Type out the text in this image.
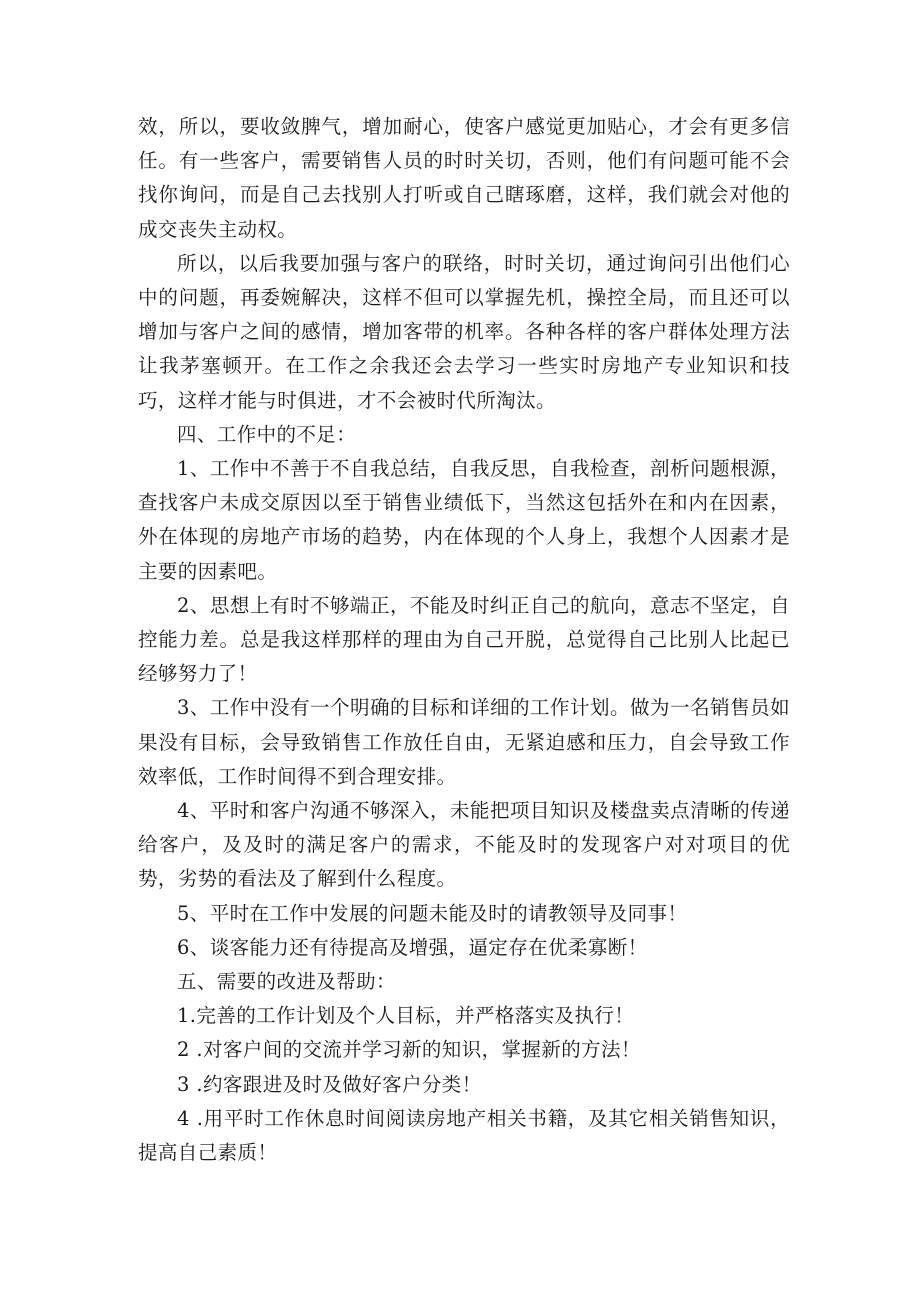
效，所以，要收敛脾气，增加耐心，使客户感觉更加贴心，才会有更多信任。有一些客户，需要销售人员的时时关切，否则，他们有问题可能不会找你询问，而是自己去找别人打听或自己瞎琢磨，这样，我们就会对他的成交丧失主动权。

所以，以后我要加强与客户的联络，时时关切，通过询问引出他们心中的问题，再委婉解决，这样不但可以掌握先机，操控全局，而且还可以增加与客户之间的感情，增加客带的机率。各种各样的客户群体处理方法让我茅塞顿开。在工作之余我还会去学习一些实时房地产专业知识和技巧，这样才能与时俱进，才不会被时代所淘汰。

四、工作中的不足：

1、工作中不善于不自我总结，自我反思，自我检查，剖析问题根源，查找客户未成交原因以至于销售业绩低下，当然这包括外在和内在因素，外在体现的房地产市场的趋势，内在体现的个人身上，我想个人因素才是主要的因素吧。

2、思想上有时不够端正，不能及时纠正自己的航向，意志不坚定，自控能力差。总是我这样那样的理由为自己开脱，总觉得自己比别人比起已经够努力了！

3、工作中没有一个明确的目标和详细的工作计划。做为一名销售员如果没有目标，会导致销售工作放任自由，无紧迫感和压力，自会导致工作效率低，工作时间得不到合理安排。

4、平时和客户沟通不够深入，未能把项目知识及楼盘卖点清晰的传递给客户，及及时的满足客户的需求，不能及时的发现客户对对项目的优势，劣势的看法及了解到什么程度。

5、平时在工作中发展的问题未能及时的请教领导及同事！

6、谈客能力还有待提高及增强，逼定存在优柔寡断！

五、需要的改进及帮助：

1.完善的工作计划及个人目标，并严格落实及执行！

2 .对客户间的交流并学习新的知识，掌握新的方法！

3 .约客跟进及时及做好客户分类！

4 .用平时工作休息时间阅读房地产相关书籍，及其它相关销售知识，提高自己素质！
